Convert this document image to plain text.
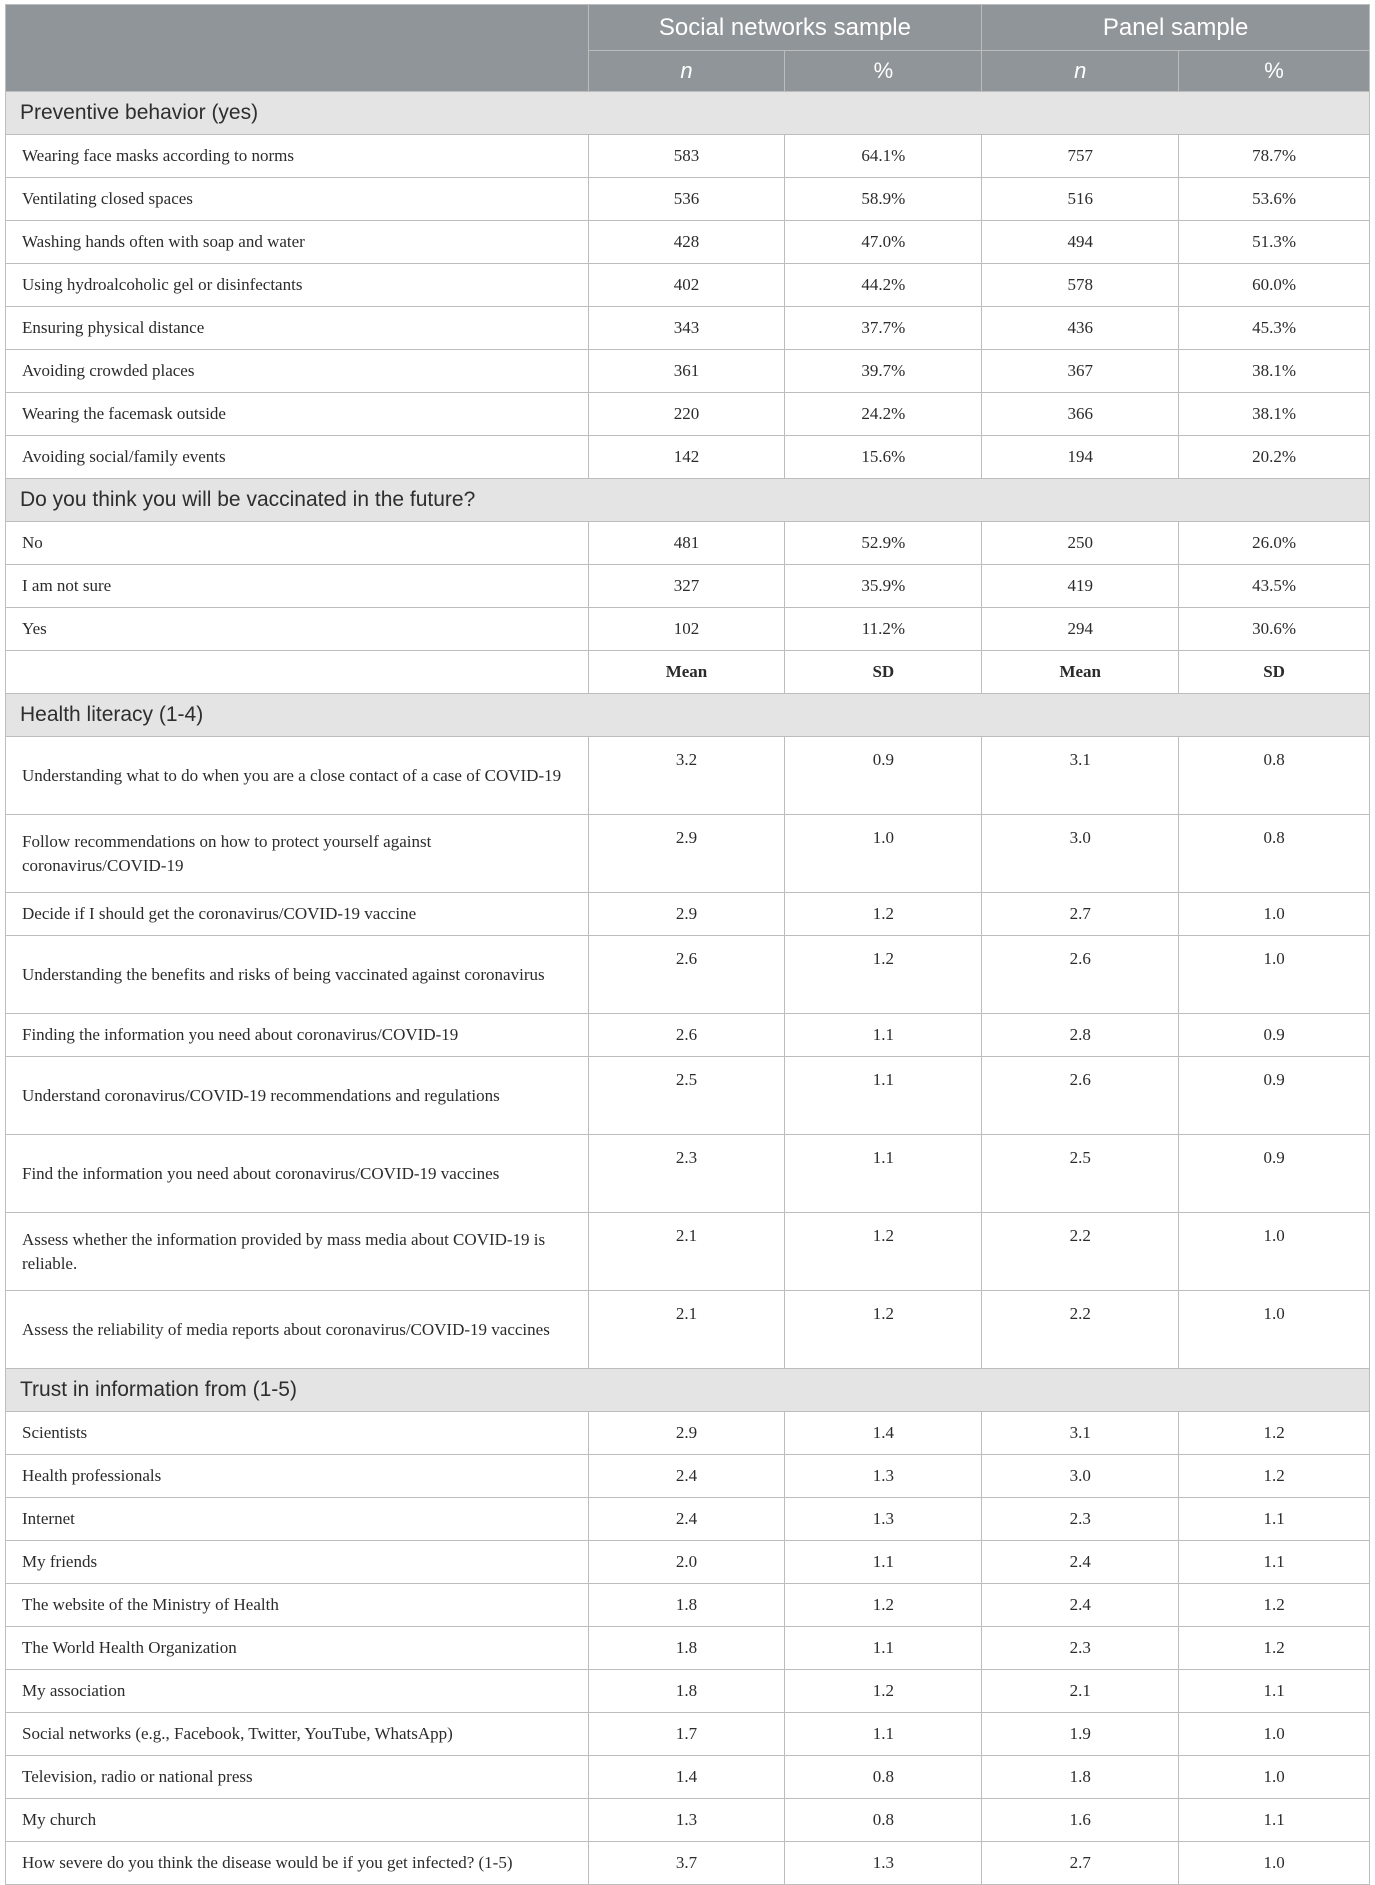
	Social networks sample		Panel sample	
	n	%	n	%
Preventive behavior (yes)				
Wearing face masks according to norms	583	64.1%	757	78.7%
Ventilating closed spaces	536	58.9%	516	53.6%
Washing hands often with soap and water	428	47.0%	494	51.3%
Using hydroalcoholic gel or disinfectants	402	44.2%	578	60.0%
Ensuring physical distance	343	37.7%	436	45.3%
Avoiding crowded places	361	39.7%	367	38.1%
Wearing the facemask outside	220	24.2%	366	38.1%
Avoiding social/family events	142	15.6%	194	20.2%
Do you think you will be vaccinated in the future?				
No	481	52.9%	250	26.0%
I am not sure	327	35.9%	419	43.5%
Yes	102	11.2%	294	30.6%
	Mean	SD	Mean	SD
Health literacy (1-4)				
Understanding what to do when you are a close contact of a case of COVID-19	3.2	0.9	3.1	0.8
Follow recommendations on how to protect yourself against coronavirus/COVID-19	2.9	1.0	3.0	0.8
Decide if I should get the coronavirus/COVID-19 vaccine	2.9	1.2	2.7	1.0
Understanding the benefits and risks of being vaccinated against coronavirus	2.6	1.2	2.6	1.0
Finding the information you need about coronavirus/COVID-19	2.6	1.1	2.8	0.9
Understand coronavirus/COVID-19 recommendations and regulations	2.5	1.1	2.6	0.9
Find the information you need about coronavirus/COVID-19 vaccines	2.3	1.1	2.5	0.9
Assess whether the information provided by mass media about COVID-19 is reliable.	2.1	1.2	2.2	1.0
Assess the reliability of media reports about coronavirus/COVID-19 vaccines	2.1	1.2	2.2	1.0
Trust in information from (1-5)				
Scientists	2.9	1.4	3.1	1.2
Health professionals	2.4	1.3	3.0	1.2
Internet	2.4	1.3	2.3	1.1
My friends	2.0	1.1	2.4	1.1
The website of the Ministry of Health	1.8	1.2	2.4	1.2
The World Health Organization	1.8	1.1	2.3	1.2
My association	1.8	1.2	2.1	1.1
Social networks (e.g., Facebook, Twitter, YouTube, WhatsApp)	1.7	1.1	1.9	1.0
Television, radio or national press	1.4	0.8	1.8	1.0
My church	1.3	0.8	1.6	1.1
How severe do you think the disease would be if you get infected? (1-5)	3.7	1.3	2.7	1.0
